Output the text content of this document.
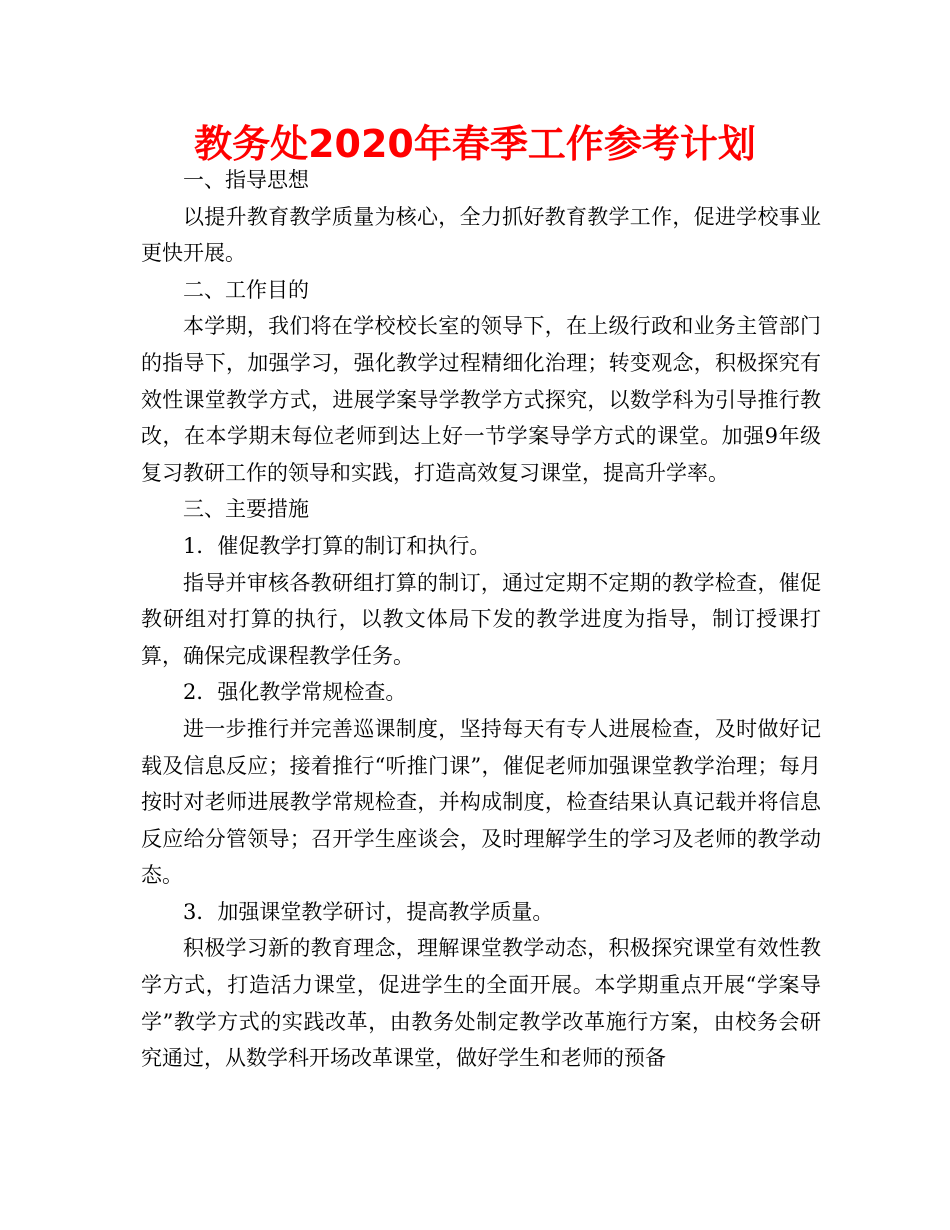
教务处2020年春季工作参考计划

一、指导思想

以提升教育教学质量为核心，全力抓好教育教学工作，促进学校事业更快开展。

二、工作目的

本学期，我们将在学校校长室的领导下，在上级行政和业务主管部门的指导下，加强学习，强化教学过程精细化治理；转变观念，积极探究有效性课堂教学方式，进展学案导学教学方式探究，以数学科为引导推行教改，在本学期末每位老师到达上好一节学案导学方式的课堂。加强9年级复习教研工作的领导和实践，打造高效复习课堂，提高升学率。

三、主要措施

1．催促教学打算的制订和执行。

指导并审核各教研组打算的制订，通过定期不定期的教学检查，催促教研组对打算的执行，以教文体局下发的教学进度为指导，制订授课打算，确保完成课程教学任务。

2．强化教学常规检查。

进一步推行并完善巡课制度，坚持每天有专人进展检查，及时做好记载及信息反应；接着推行“听推门课”，催促老师加强课堂教学治理；每月按时对老师进展教学常规检查，并构成制度，检查结果认真记载并将信息反应给分管领导；召开学生座谈会，及时理解学生的学习及老师的教学动态。

3．加强课堂教学研讨，提高教学质量。

积极学习新的教育理念，理解课堂教学动态，积极探究课堂有效性教学方式，打造活力课堂，促进学生的全面开展。本学期重点开展“学案导学”教学方式的实践改革，由教务处制定教学改革施行方案，由校务会研究通过，从数学科开场改革课堂，做好学生和老师的预备
